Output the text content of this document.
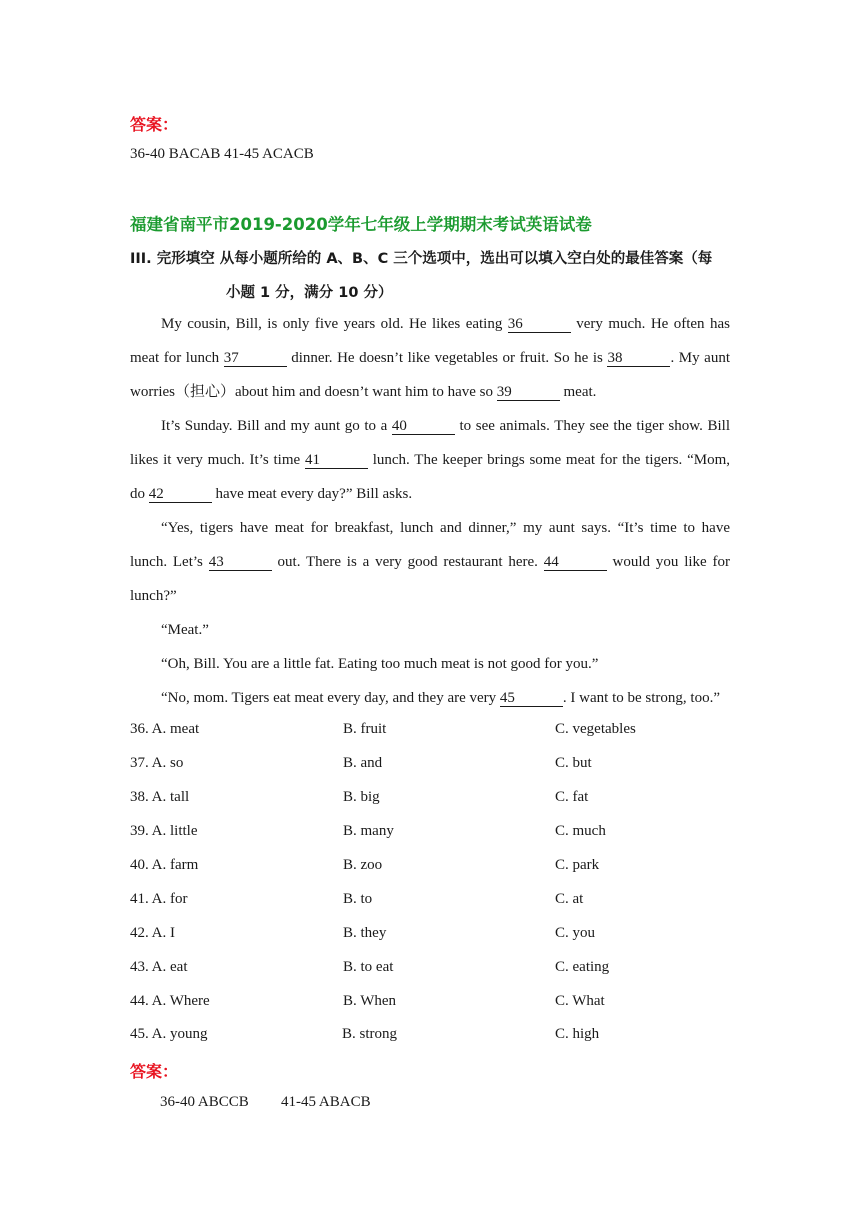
答案：
36-40 BACAB 41-45 ACACB
福建省南平市2019-2020学年七年级上学期期末考试英语试卷
III. 完形填空 从每小题所给的 A、B、C 三个选项中，选出可以填入空白处的最佳答案（每
小题 1 分，满分 10 分）
My cousin, Bill, is only five years old. He likes eating 36	very much. He often has
meat for lunch 37	dinner. He doesn’t like vegetables or fruit. So he is 38	. My aunt
worries（担心）about him and doesn’t want him to have so 39	meat.
It’s Sunday. Bill and my aunt go to a 40	to see animals. They see the tiger show. Bill
likes it very much. It’s time 41	lunch. The keeper brings some meat for the tigers. “Mom,
do 42	have meat every day?” Bill asks.
“Yes, tigers have meat for breakfast, lunch and dinner,” my aunt says. “It’s time to have
lunch. Let’s 43	out. There is a very good restaurant here. 44	would you like for
lunch?”
“Meat.”
“Oh, Bill. You are a little fat. Eating too much meat is not good for you.”
“No, mom. Tigers eat meat every day, and they are very 45	. I want to be strong, too.”
36. A. meat	B. fruit	C. vegetables
37. A. so	B. and	C. but
38. A. tall	B. big	C. fat
39. A. little	B. many	C. much
40. A. farm	B. zoo	C. park
41. A. for	B. to	C. at
42. A. I	B. they	C. you
43. A. eat	B. to eat	C. eating
44. A. Where	B. When	C. What
45. A. young	B. strong	C. high
答案：
36-40 ABCCB 41-45 ABACB
